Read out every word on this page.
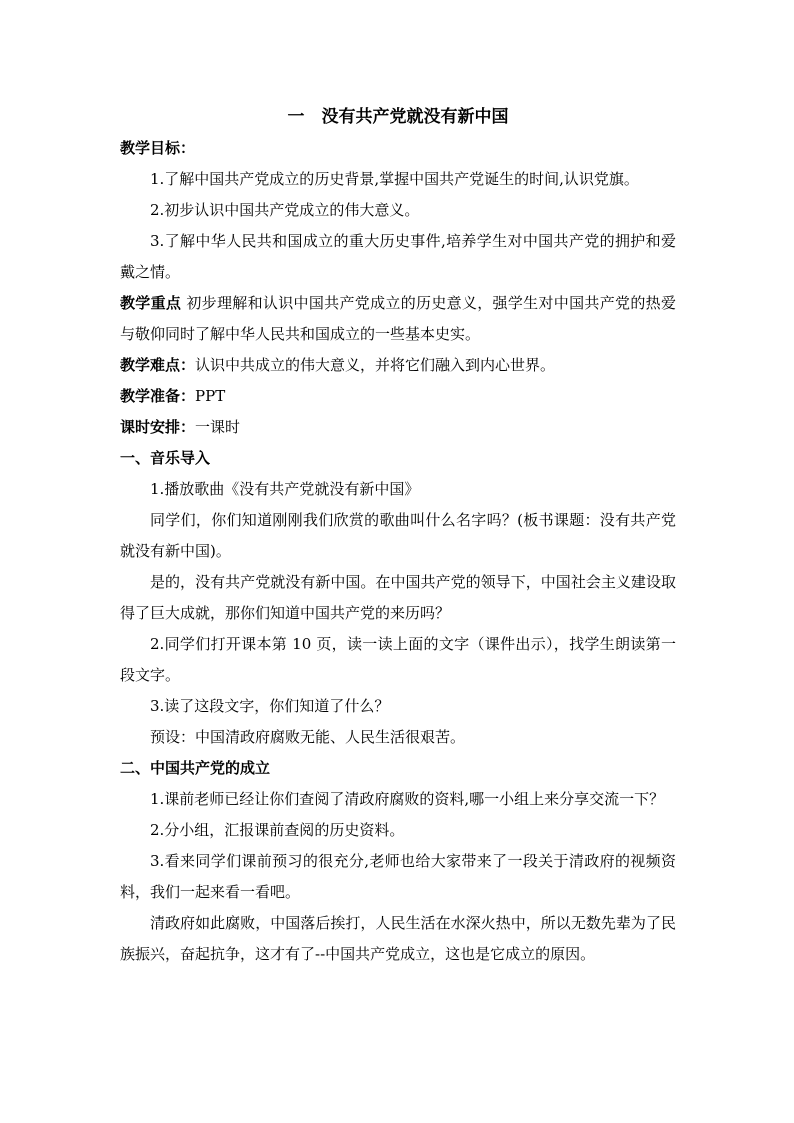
一　没有共产党就没有新中国

教学目标：

1.了解中国共产党成立的历史背景,掌握中国共产党诞生的时间,认识党旗。

2.初步认识中国共产党成立的伟大意义。

3.了解中华人民共和国成立的重大历史事件,培养学生对中国共产党的拥护和爱戴之情。

教学重点 初步理解和认识中国共产党成立的历史意义，强学生对中国共产党的热爱与敬仰同时了解中华人民共和国成立的一些基本史实。

教学难点：认识中共成立的伟大意义，并将它们融入到内心世界。

教学准备：PPT

课时安排：一课时

一、音乐导入

1.播放歌曲《没有共产党就没有新中国》

同学们，你们知道刚刚我们欣赏的歌曲叫什么名字吗？(板书课题：没有共产党就没有新中国)。

是的，没有共产党就没有新中国。在中国共产党的领导下，中国社会主义建设取得了巨大成就，那你们知道中国共产党的来历吗？

2.同学们打开课本第 10 页，读一读上面的文字（课件出示），找学生朗读第一段文字。

3.读了这段文字，你们知道了什么？

预设：中国清政府腐败无能、人民生活很艰苦。

二、中国共产党的成立

1.课前老师已经让你们查阅了清政府腐败的资料,哪一小组上来分享交流一下？

2.分小组，汇报课前查阅的历史资料。

3.看来同学们课前预习的很充分,老师也给大家带来了一段关于清政府的视频资料，我们一起来看一看吧。

清政府如此腐败，中国落后挨打，人民生活在水深火热中，所以无数先辈为了民族振兴，奋起抗争，这才有了--中国共产党成立，这也是它成立的原因。
